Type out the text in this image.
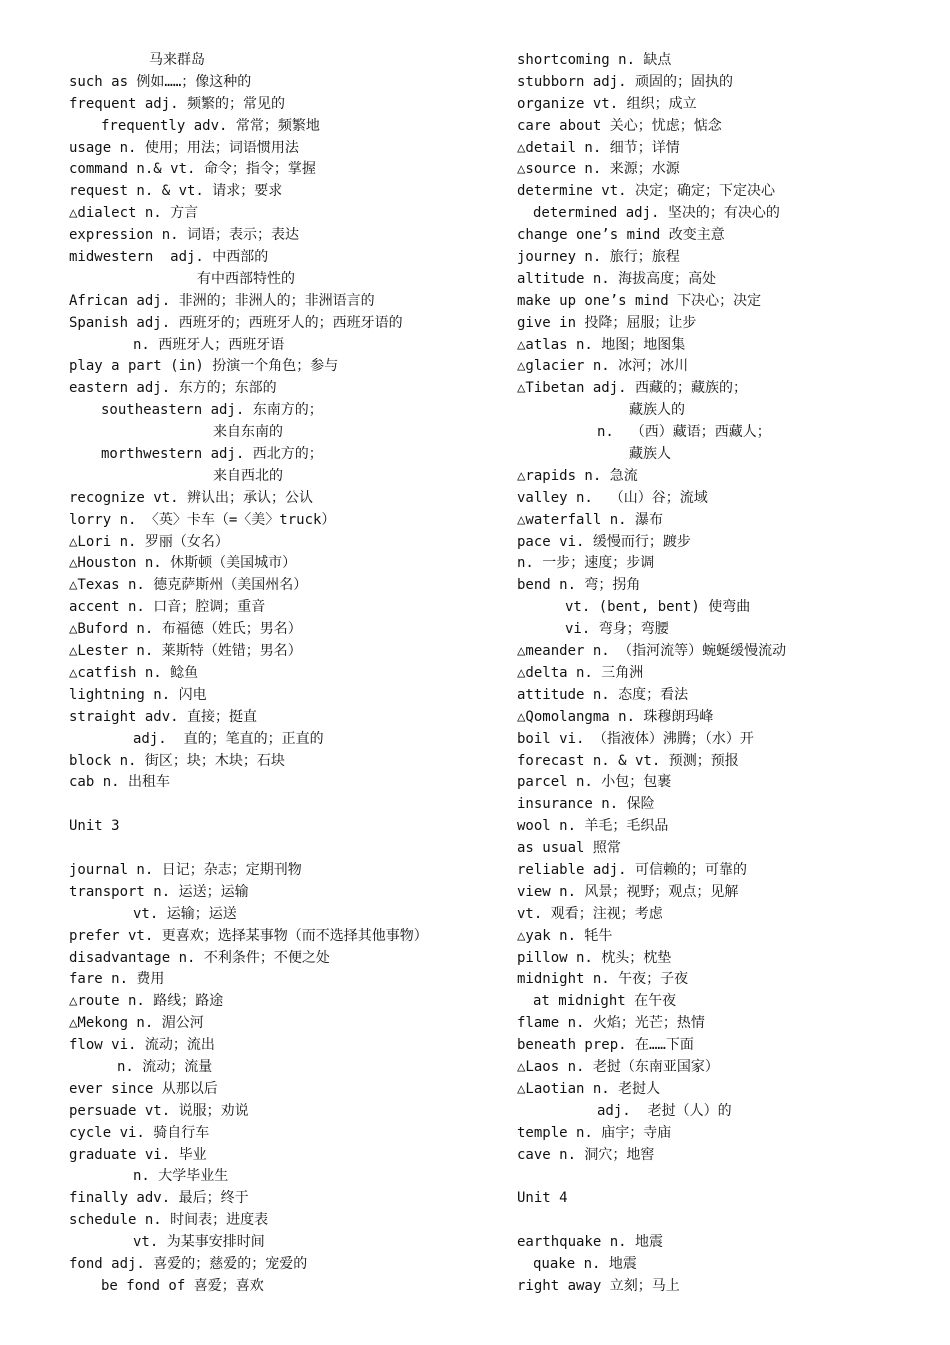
马来群岛
such as 例如……；像这种的
frequent adj. 频繁的；常见的
frequently adv. 常常；频繁地
usage n. 使用；用法；词语惯用法
command n.& vt. 命令；指令；掌握
request n. & vt. 请求；要求
△dialect n. 方言
expression n. 词语；表示；表达
midwestern  adj. 中西部的
有中西部特性的
African adj. 非洲的；非洲人的；非洲语言的
Spanish adj. 西班牙的；西班牙人的；西班牙语的
n. 西班牙人；西班牙语
play a part (in) 扮演一个角色；参与
eastern adj. 东方的；东部的
southeastern adj. 东南方的；
来自东南的
morthwestern adj. 西北方的；
来自西北的
recognize vt. 辨认出；承认；公认
lorry n. 〈英〉卡车（=〈美〉truck）
△Lori n. 罗丽（女名）
△Houston n. 休斯顿（美国城市）
△Texas n. 德克萨斯州（美国州名）
accent n. 口音；腔调；重音
△Buford n. 布福德（姓氏；男名）
△Lester n. 莱斯特（姓错；男名）
△catfish n. 鲶鱼
lightning n. 闪电
straight adv. 直接；挺直
adj.  直的；笔直的；正直的
block n. 街区；块；木块；石块
cab n. 出租车
Unit 3
journal n. 日记；杂志；定期刊物
transport n. 运送；运输
vt. 运输；运送
prefer vt. 更喜欢；选择某事物（而不选择其他事物）
disadvantage n. 不利条件；不便之处
fare n. 费用
△route n. 路线；路途
△Mekong n. 湄公河
flow vi. 流动；流出
n. 流动；流量
ever since 从那以后
persuade vt. 说服；劝说
cycle vi. 骑自行车
graduate vi. 毕业
n. 大学毕业生
finally adv. 最后；终于
schedule n. 时间表；进度表
vt. 为某事安排时间
fond adj. 喜爱的；慈爱的；宠爱的
be fond of 喜爱；喜欢
shortcoming n. 缺点
stubborn adj. 顽固的；固执的
organize vt. 组织；成立
care about 关心；忧虑；惦念
△detail n. 细节；详情
△source n. 来源；水源
determine vt. 决定；确定；下定决心
determined adj. 坚决的；有决心的
change one’s mind 改变主意
journey n. 旅行；旅程
altitude n. 海拔高度；高处
make up one’s mind 下决心；决定
give in 投降；屈服；让步
△atlas n. 地图；地图集
△glacier n. 冰河；冰川
△Tibetan adj. 西藏的；藏族的；
藏族人的
n.  （西）藏语；西藏人；
藏族人
△rapids n. 急流
valley n.  （山）谷；流域
△waterfall n. 瀑布
pace vi. 缓慢而行；踱步
n. 一步；速度；步调
bend n. 弯；拐角
vt. (bent, bent) 使弯曲
vi. 弯身；弯腰
△meander n. （指河流等）蜿蜒缓慢流动
△delta n. 三角洲
attitude n. 态度；看法
△Qomolangma n. 珠穆朗玛峰
boil vi. （指液体）沸腾；（水）开
forecast n. & vt. 预测；预报
parcel n. 小包；包裹
insurance n. 保险
wool n. 羊毛；毛织品
as usual 照常
reliable adj. 可信赖的；可靠的
view n. 风景；视野；观点；见解
vt. 观看；注视；考虑
△yak n. 牦牛
pillow n. 枕头；枕垫
midnight n. 午夜；子夜
at midnight 在午夜
flame n. 火焰；光芒；热情
beneath prep. 在……下面
△Laos n. 老挝（东南亚国家）
△Laotian n. 老挝人
adj.  老挝（人）的
temple n. 庙宇；寺庙
cave n. 洞穴；地窖
Unit 4
earthquake n. 地震
quake n. 地震
right away 立刻；马上
